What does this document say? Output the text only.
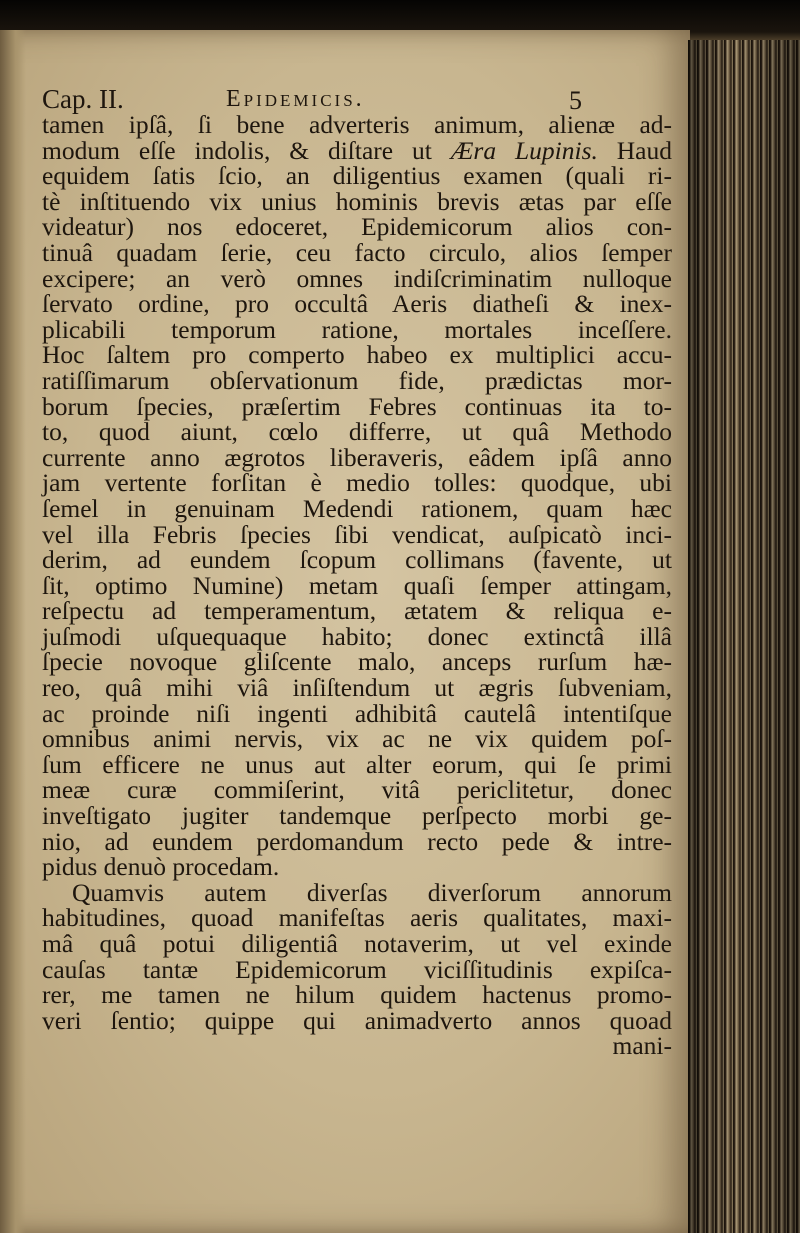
Cap. II.	Epidemicis.	5
tamen ipſâ, ſi bene adverteris animum, alienæ ad-
modum eſſe indolis, & diſtare ut Æra Lupinis. Haud
equidem ſatis ſcio, an diligentius examen (quali ri-
tè inſtituendo vix unius hominis brevis ætas par eſſe
videatur) nos edoceret, Epidemicorum alios con-
tinuâ quadam ſerie, ceu facto circulo, alios ſemper
excipere; an verò omnes indiſcriminatim nulloque
ſervato ordine, pro occultâ Aeris diatheſi & inex-
plicabili temporum ratione, mortales inceſſere.
Hoc ſaltem pro comperto habeo ex multiplici accu-
ratiſſimarum obſervationum fide, prædictas mor-
borum ſpecies, præſertim Febres continuas ita to-
to, quod aiunt, cœlo differre, ut quâ Methodo
currente anno ægrotos liberaveris, eâdem ipſâ anno
jam vertente forſitan è medio tolles: quodque, ubi
ſemel in genuinam Medendi rationem, quam hæc
vel illa Febris ſpecies ſibi vendicat, auſpicatò inci-
derim, ad eundem ſcopum collimans (favente, ut
ſit, optimo Numine) metam quaſi ſemper attingam,
reſpectu ad temperamentum, ætatem & reliqua e-
juſmodi uſquequaque habito; donec extinctâ illâ
ſpecie novoque gliſcente malo, anceps rurſum hæ-
reo, quâ mihi viâ inſiſtendum ut ægris ſubveniam,
ac proinde niſi ingenti adhibitâ cautelâ intentiſque
omnibus animi nervis, vix ac ne vix quidem poſ-
ſum efficere ne unus aut alter eorum, qui ſe primi
meæ curæ commiſerint, vitâ periclitetur, donec
inveſtigato jugiter tandemque perſpecto morbi ge-
nio, ad eundem perdomandum recto pede & intre-
pidus denuò procedam.
Quamvis autem diverſas diverſorum annorum
habitudines, quoad manifeſtas aeris qualitates, maxi-
mâ quâ potui diligentiâ notaverim, ut vel exinde
cauſas tantæ Epidemicorum viciſſitudinis expiſca-
rer, me tamen ne hilum quidem hactenus promo-
veri ſentio; quippe qui animadverto annos quoad
mani-
